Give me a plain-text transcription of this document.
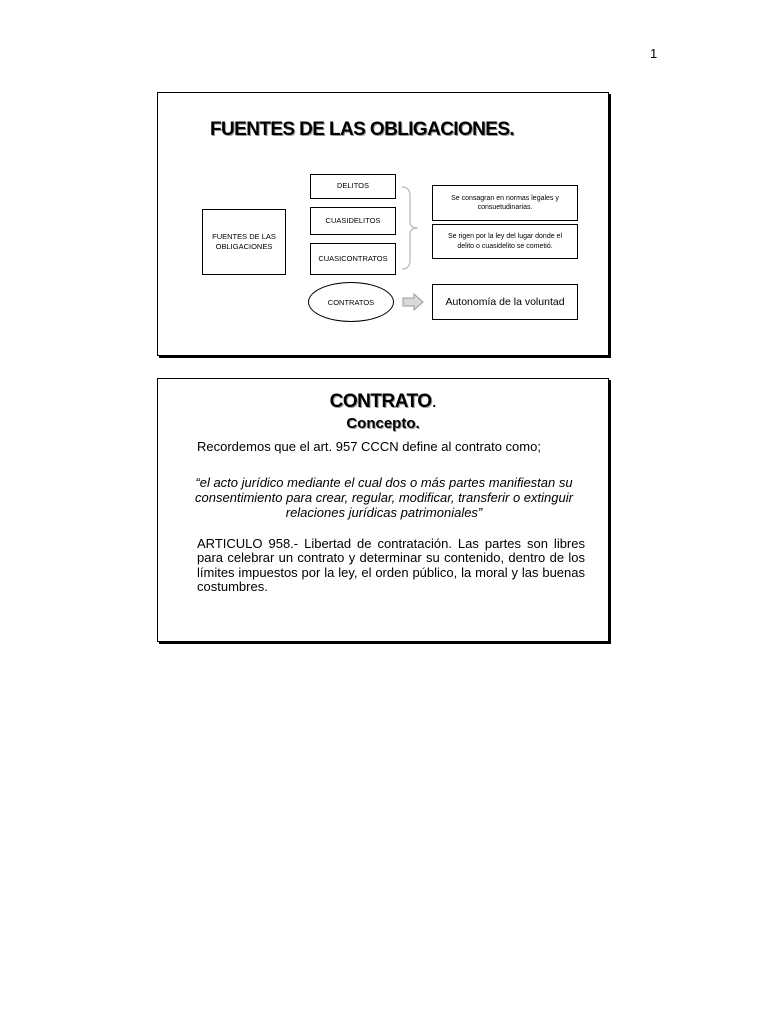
1
FUENTES DE LAS OBLIGACIONES.
FUENTES DE LAS OBLIGACIONES
DELITOS
CUASIDELITOS
CUASICONTRATOS
Se consagran en normas legales y consuetudinarias.
Se rigen por la ley del lugar donde el delito o cuasidelito se cometió.
CONTRATOS	Autonomía de la voluntad
CONTRATO.
Concepto.
Recordemos que el art. 957 CCCN define al contrato como;
“el acto jurídico mediante el cual dos o más partes manifiestan su consentimiento para crear, regular, modificar, transferir o extinguir relaciones jurídicas patrimoniales”
ARTICULO 958.- Libertad de contratación. Las partes son libres para celebrar un contrato y determinar su contenido, dentro de los límites impuestos por la ley, el orden público, la moral y las buenas costumbres.
